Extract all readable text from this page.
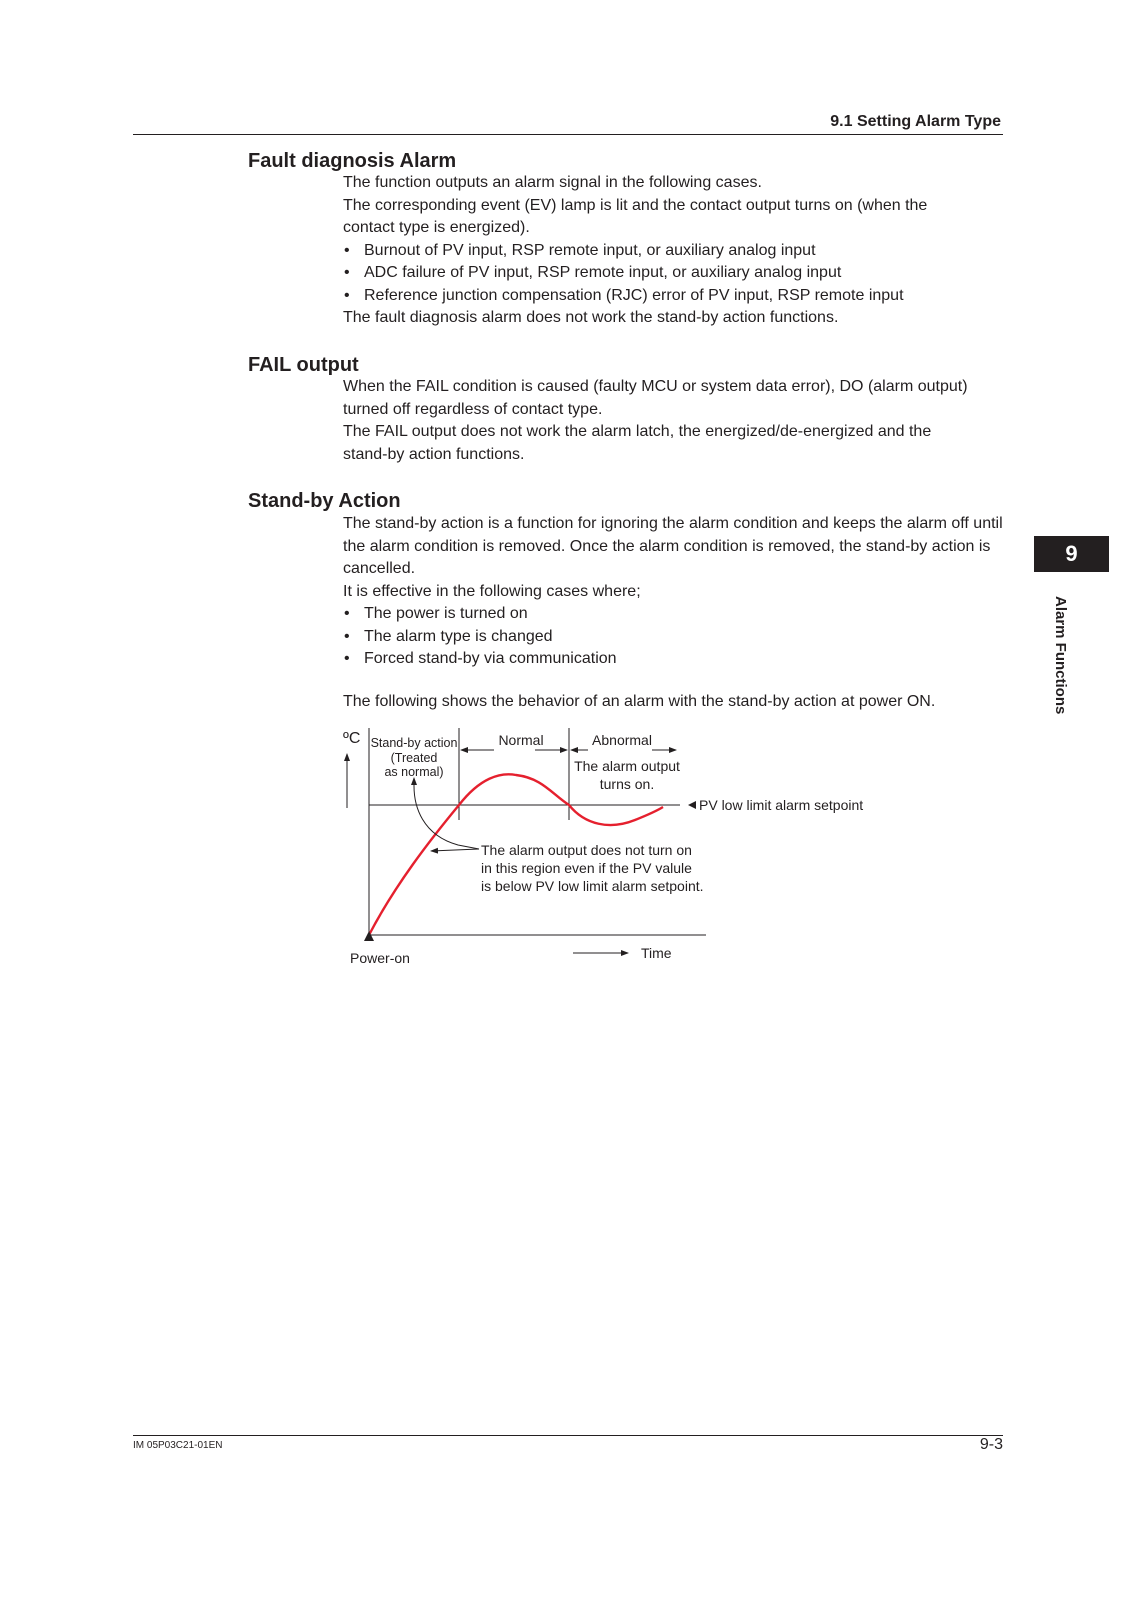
9.1 Setting Alarm Type
Fault diagnosis Alarm

The function outputs an alarm signal in the following cases.

The corresponding event (EV) lamp is lit and the contact output turns on (when the contact type is energized).

• Burnout of PV input, RSP remote input, or auxiliary analog input
• ADC failure of PV input, RSP remote input, or auxiliary analog input
• Reference junction compensation (RJC) error of PV input, RSP remote input

The fault diagnosis alarm does not work the stand-by action functions.

FAIL output

When the FAIL condition is caused (faulty MCU or system data error), DO (alarm output) turned off regardless of contact type.

The FAIL output does not work the alarm latch, the energized/de-energized and the stand-by action functions.

Stand-by Action

The stand-by action is a function for ignoring the alarm condition and keeps the alarm off until the alarm condition is removed. Once the alarm condition is removed, the stand-by action is cancelled.

It is effective in the following cases where;

• The power is turned on
• The alarm type is changed
• Forced stand-by via communication
The following shows the behavior of an alarm with the stand-by action at power ON.
ºC Stand-by action
(Treated
as normal)
Normal	Abnormal
The alarm output
turns on.
PV low limit alarm setpoint
The alarm output does not turn on
in this region even if the PV valule
is below PV low limit alarm setpoint.
Power-on	Time
9
Alarm Functions
IM 05P03C21-01EN	9-3
